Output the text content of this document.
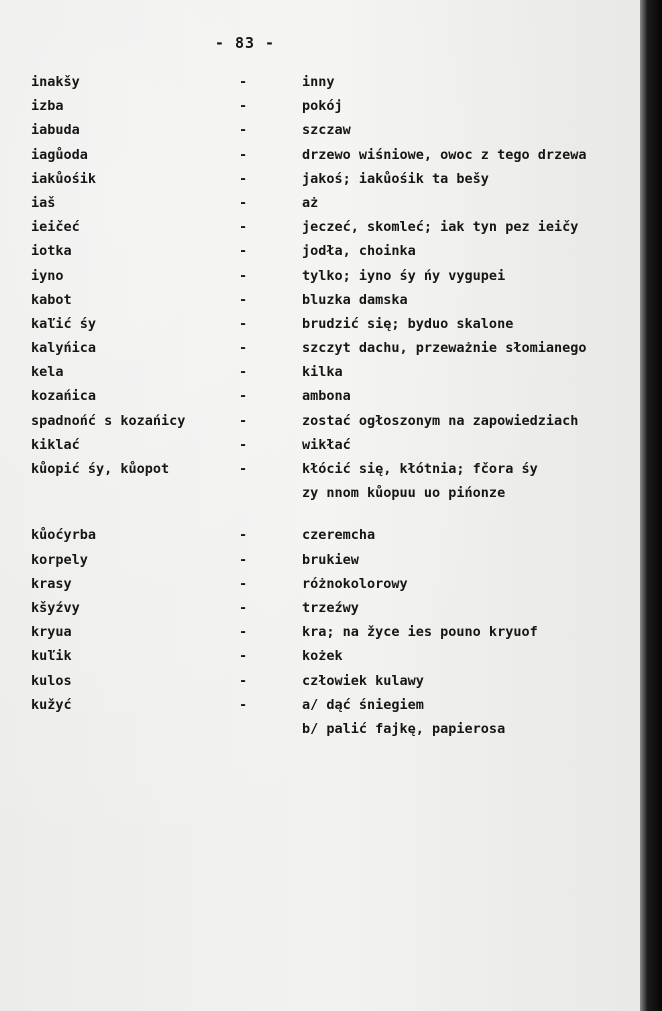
- 83 -
inakšy	-	inny
izba	-	pokój
iabuda	-	szczaw
iagůoda	-	drzewo wiśniowe, owoc z tego drzewa
iakůośik	-	jakoś; iakůośik ta bešy
iaš	-	aż
ieičeć	-	jeczeć, skomleć; iak tyn pez ieičy
iotka	-	jodła, choinka
iyno	-	tylko; iyno śy ńy vygupei
kabot	-	bluzka damska
kaľić śy	-	brudzić się; byduo skalone
kalyńica	-	szczyt dachu, przeważnie słomianego
kela	-	kilka
kozańica	-	ambona
spadnońć s kozańicy	-	zostać ogłoszonym na zapowiedziach
kiklać	-	wikłać
kůopić śy, kůopot	-	kłócić się, kłótnia; fčora śy
zy nnom kůopuu uo pińonze
kůoćyrba	-	czeremcha
korpely	-	brukiew
krasy	-	różnokolorowy
kšyźvy	-	trzeźwy
kryua	-	kra; na žyce ies pouno kryuof
kuľik	-	kożek
kulos	-	człowiek kulawy
kužyć	-	a/ dąć śniegiem
b/ palić fajkę, papierosa
